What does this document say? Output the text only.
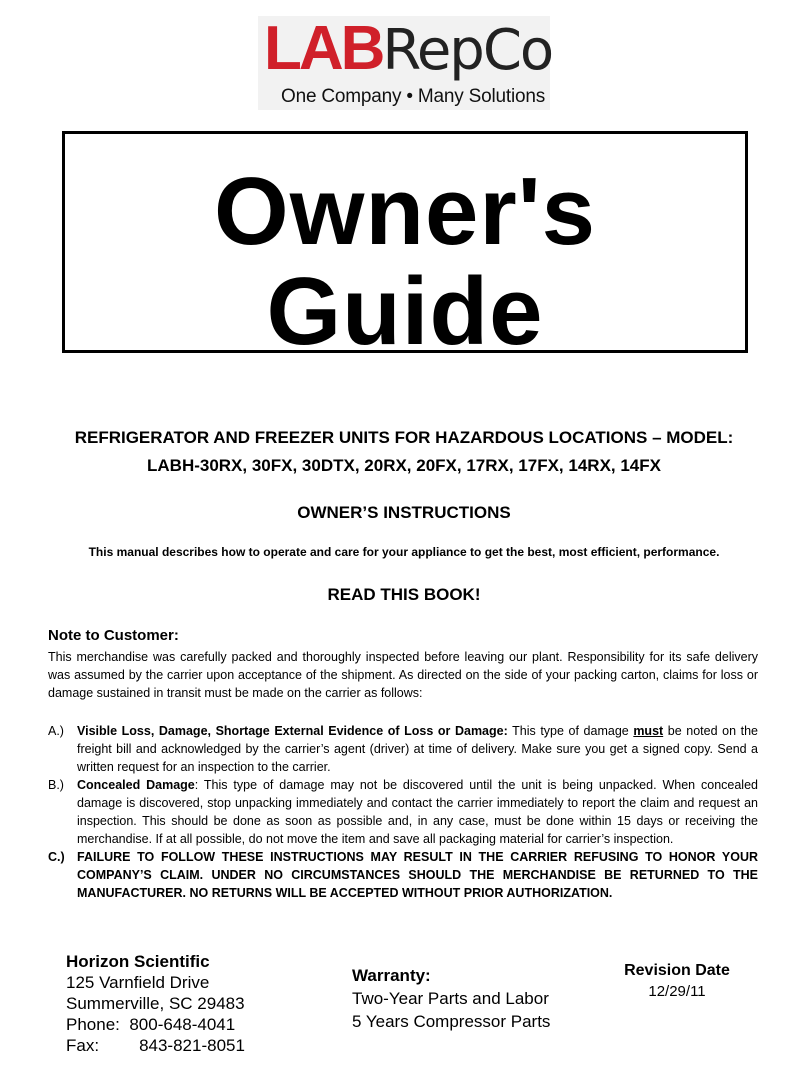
LABRepCo
One Company • Many Solutions
Owner's
Guide
REFRIGERATOR AND FREEZER UNITS FOR HAZARDOUS LOCATIONS – MODEL:
LABH-30RX, 30FX, 30DTX, 20RX, 20FX, 17RX, 17FX, 14RX, 14FX
OWNER’S INSTRUCTIONS
This manual describes how to operate and care for your appliance to get the best, most efficient, performance.
READ THIS BOOK!
Note to Customer:
This merchandise was carefully packed and thoroughly inspected before leaving our plant. Responsibility for its safe delivery was assumed by the carrier upon acceptance of the shipment. As directed on the side of your packing carton, claims for loss or damage sustained in transit must be made on the carrier as follows:
A.) Visible Loss, Damage, Shortage External Evidence of Loss or Damage: This type of damage must be noted on the freight bill and acknowledged by the carrier’s agent (driver) at time of delivery. Make sure you get a signed copy. Send a written request for an inspection to the carrier.
B.) Concealed Damage: This type of damage may not be discovered until the unit is being unpacked. When concealed damage is discovered, stop unpacking immediately and contact the carrier immediately to report the claim and request an inspection. This should be done as soon as possible and, in any case, must be done within 15 days or receiving the merchandise. If at all possible, do not move the item and save all packaging material for carrier’s inspection.
C.) FAILURE TO FOLLOW THESE INSTRUCTIONS MAY RESULT IN THE CARRIER REFUSING TO HONOR YOUR COMPANY’S CLAIM. UNDER NO CIRCUMSTANCES SHOULD THE MERCHANDISE BE RETURNED TO THE MANUFACTURER. NO RETURNS WILL BE ACCEPTED WITHOUT PRIOR AUTHORIZATION.
Horizon Scientific
125 Varnfield Drive
Summerville, SC 29483
Phone: 800-648-4041
Fax: 843-821-8051
Warranty:
Two-Year Parts and Labor
5 Years Compressor Parts
Revision Date
12/29/11
